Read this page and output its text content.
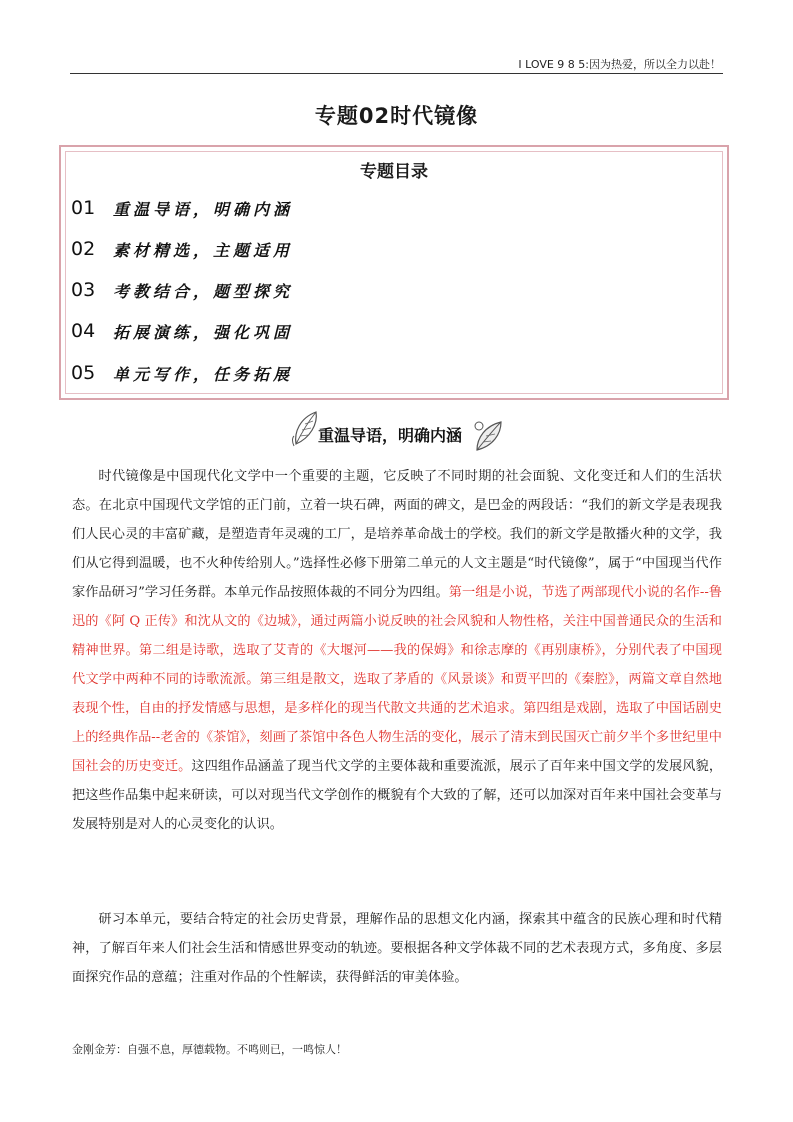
I LOVE 9 8 5:因为热爱，所以全力以赴！
专题02时代镜像
专题目录
01	重温导语，明确内涵
02	素材精选，主题适用
03	考教结合，题型探究
04	拓展演练，强化巩固
05	单元写作，任务拓展
重温导语，明确内涵

时代镜像是中国现代化文学中一个重要的主题，它反映了不同时期的社会面貌、文化变迁和人们的生活状态。在北京中国现代文学馆的正门前，立着一块石碑，两面的碑文，是巴金的两段话：“我们的新文学是表现我们人民心灵的丰富矿藏，是塑造青年灵魂的工厂，是培养革命战士的学校。我们的新文学是散播火种的文学，我们从它得到温暖，也不火种传给别人。”选择性必修下册第二单元的人文主题是“时代镜像”，属于“中国现当代作家作品研习”学习任务群。本单元作品按照体裁的不同分为四组。第一组是小说，节选了两部现代小说的名作--鲁迅的《阿 Q 正传》和沈从文的《边城》，通过两篇小说反映的社会风貌和人物性格，关注中国普通民众的生活和精神世界。第二组是诗歌，选取了艾青的《大堰河——我的保姆》和徐志摩的《再别康桥》，分别代表了中国现代文学中两种不同的诗歌流派。第三组是散文，选取了茅盾的《风景谈》和贾平凹的《秦腔》，两篇文章自然地表现个性，自由的抒发情感与思想，是多样化的现当代散文共通的艺术追求。第四组是戏剧，选取了中国话剧史上的经典作品--老舍的《茶馆》，刻画了茶馆中各色人物生活的变化，展示了清末到民国灭亡前夕半个多世纪里中国社会的历史变迁。这四组作品涵盖了现当代文学的主要体裁和重要流派，展示了百年来中国文学的发展风貌，把这些作品集中起来研读，可以对现当代文学创作的概貌有个大致的了解，还可以加深对百年来中国社会变革与发展特别是对人的心灵变化的认识。

研习本单元，要结合特定的社会历史背景，理解作品的思想文化内涵，探索其中蕴含的民族心理和时代精神，了解百年来人们社会生活和情感世界变动的轨迹。要根据各种文学体裁不同的艺术表现方式，多角度、多层面探究作品的意蕴；注重对作品的个性解读，获得鲜活的审美体验。
金刚金芳：自强不息，厚德载物。不鸣则已，一鸣惊人！
